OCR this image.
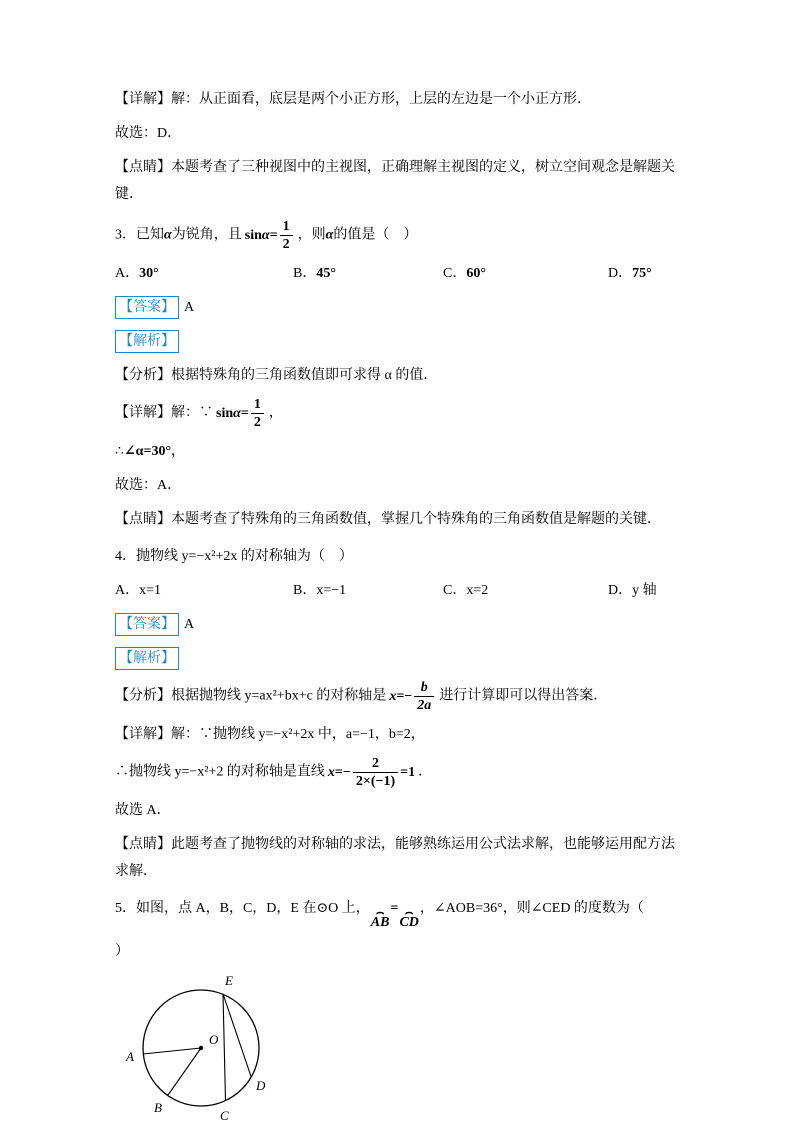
【详解】解：从正面看，底层是两个小正方形，上层的左边是一个小正方形．
故选：D．
【点睛】本题考查了三种视图中的主视图，正确理解主视图的定义，树立空间观念是解题关键．
3．已知α为锐角，且 $\sin \alpha = \frac{1}{2}$ ，则α的值是（　）
A．30°	B．45°	C．60°	D．75°
【答案】 A
【解析】
【分析】根据特殊角的三角函数值即可求得 α 的值．
【详解】解：∵ $\sin \alpha = \frac{1}{2}$ ，
∴∠α=30°，
故选：A．
【点睛】本题考查了特殊角的三角函数值，掌握几个特殊角的三角函数值是解题的关键．
4．抛物线 y=−x²+2x 的对称轴为（　）
A．x=1	B．x=−1	C．x=2	D．y 轴
【答案】 A
【解析】
【分析】根据抛物线 y=ax²+bx+c 的对称轴是 $x =- \frac{b}{2a}$ 进行计算即可以得出答案．
【详解】解：∵抛物线 y=−x²+2x 中，a=−1，b=2，
∴抛物线 y=−x²+2 的对称轴是直线 $x =- \frac{2}{2\times(-1)} =1$ ．
故选 A．
【点睛】此题考查了抛物线的对称轴的求法，能够熟练运用公式法求解，也能够运用配方法求解．
5．如图，点 A，B，C，D，E 在⊙O 上， ⌢
AB
= ⌢
CD
，∠AOB=36°，则∠CED 的度数为（
）
O
A
B
C
D
E
